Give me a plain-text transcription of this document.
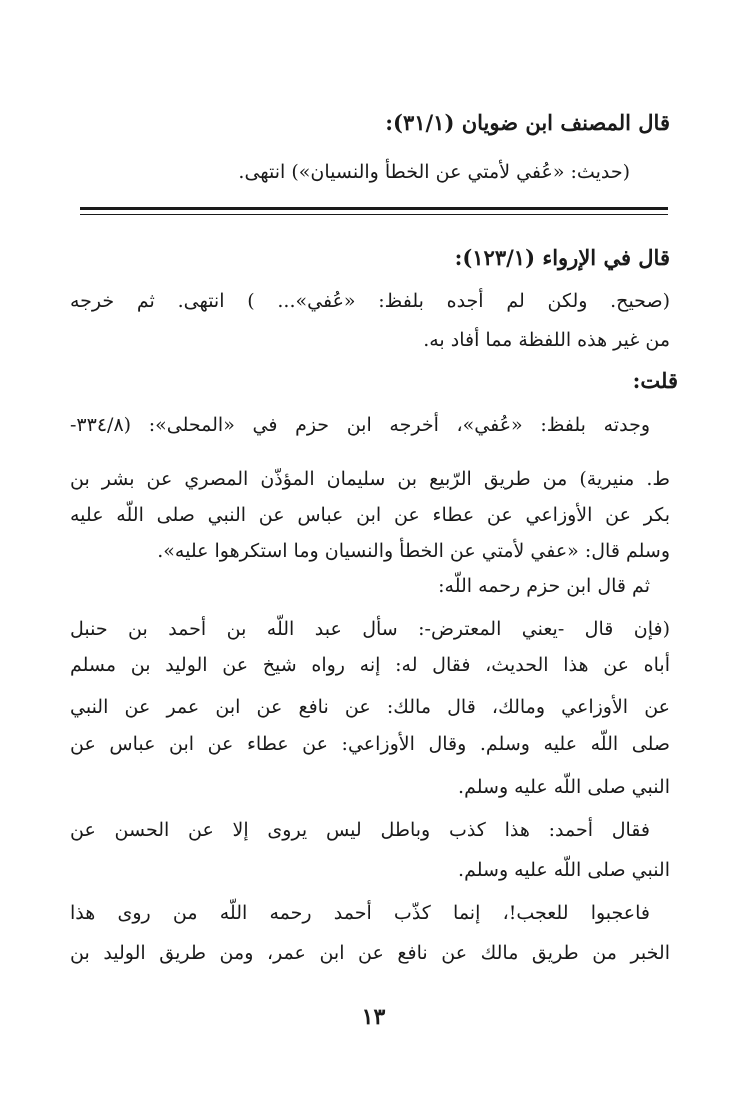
قال المصنف ابن ضويان (٣١/١):
(حديث: «عُفي لأمتي عن الخطأ والنسيان») انتهى.
قال في الإرواء (١٢٣/١):
(صحيح. ولكن لم أجده بلفظ: «عُفي»... ) انتهى. ثم خرجه
من غير هذه اللفظة مما أفاد به.
قلت:
وجدته بلفظ: «عُفي»، أخرجه ابن حزم في «المحلى»: (٣٣٤/٨-
ط. منيرية) من طريق الرّبيع بن سليمان المؤذّن المصري عن بشر بن
بكر عن الأوزاعي عن عطاء عن ابن عباس عن النبي صلى اللّه عليه
وسلم قال: «عفي لأمتي عن الخطأ والنسيان وما استكرهوا عليه».
ثم قال ابن حزم رحمه اللّه:
(فإن قال -يعني المعترض-: سأل عبد اللّه بن أحمد بن حنبل
أباه عن هذا الحديث، فقال له: إنه رواه شيخ عن الوليد بن مسلم
عن الأوزاعي ومالك، قال مالك: عن نافع عن ابن عمر عن النبي
صلى اللّه عليه وسلم. وقال الأوزاعي: عن عطاء عن ابن عباس عن
النبي صلى اللّه عليه وسلم.
فقال أحمد: هذا كذب وباطل ليس يروى إلا عن الحسن عن
النبي صلى اللّه عليه وسلم.
فاعجبوا للعجب!، إنما كذّب أحمد رحمه اللّه من روى هذا
الخبر من طريق مالك عن نافع عن ابن عمر، ومن طريق الوليد بن
١٣
